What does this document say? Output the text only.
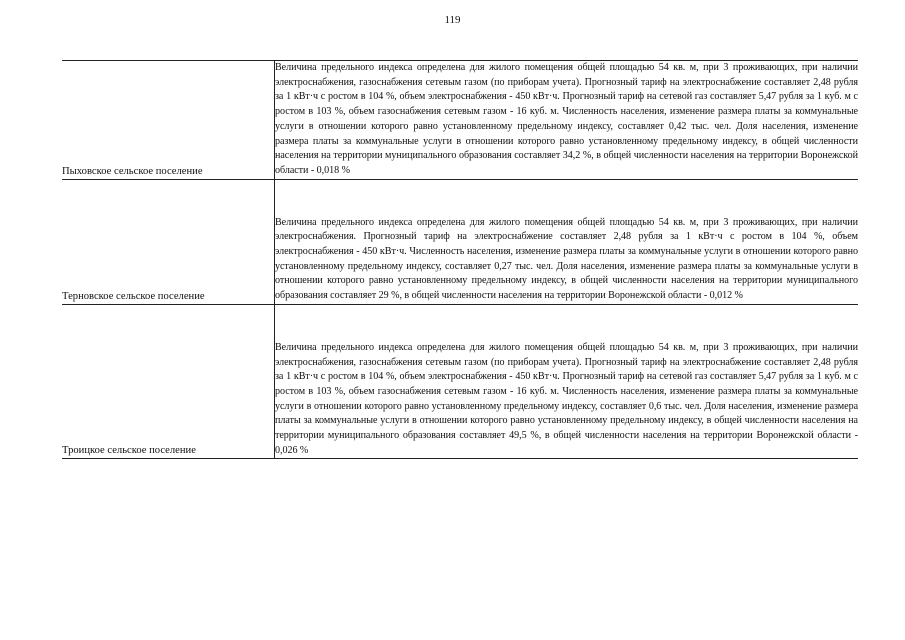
119
Пыховское сельское поселение	Величина предельного индекса определена для жилого помещения общей площадью 54 кв. м, при 3 проживающих, при наличии электроснабжения, газоснабжения сетевым газом (по приборам учета). Прогнозный тариф на электроснабжение составляет 2,48 рубля за 1 кВт·ч с ростом в 104 %, объем электроснабжения - 450 кВт·ч. Прогнозный тариф на сетевой газ составляет 5,47 рубля за 1 куб. м с ростом в 103 %, объем газоснабжения сетевым газом - 16 куб. м. Численность населения, изменение размера платы за коммунальные услуги в отношении которого равно установленному предельному индексу, составляет 0,42 тыс. чел. Доля населения, изменение размера платы за коммунальные услуги в отношении которого равно установленному предельному индексу, в общей численности населения на территории муниципального образования составляет 34,2 %, в общей численности населения на территории Воронежской области - 0,018 %
Терновское сельское поселение	Величина предельного индекса определена для жилого помещения общей площадью 54 кв. м, при 3 проживающих, при наличии электроснабжения. Прогнозный тариф на электроснабжение составляет 2,48 рубля за 1 кВт·ч с ростом в 104 %, объем электроснабжения - 450 кВт·ч. Численность населения, изменение размера платы за коммунальные услуги в отношении которого равно установленному предельному индексу, составляет 0,27 тыс. чел. Доля населения, изменение размера платы за коммунальные услуги в отношении которого равно установленному предельному индексу, в общей численности населения на территории муниципального образования составляет 29 %, в общей численности населения на территории Воронежской области - 0,012 %
Троицкое сельское поселение	Величина предельного индекса определена для жилого помещения общей площадью 54 кв. м, при 3 проживающих, при наличии электроснабжения, газоснабжения сетевым газом (по приборам учета). Прогнозный тариф на электроснабжение составляет 2,48 рубля за 1 кВт·ч с ростом в 104 %, объем электроснабжения - 450 кВт·ч. Прогнозный тариф на сетевой газ составляет 5,47 рубля за 1 куб. м с ростом в 103 %, объем газоснабжения сетевым газом - 16 куб. м. Численность населения, изменение размера платы за коммунальные услуги в отношении которого равно установленному предельному индексу, составляет 0,6 тыс. чел. Доля населения, изменение размера платы за коммунальные услуги в отношении которого равно установленному предельному индексу, в общей численности населения на территории муниципального образования составляет 49,5 %, в общей численности населения на территории Воронежской области - 0,026 %
